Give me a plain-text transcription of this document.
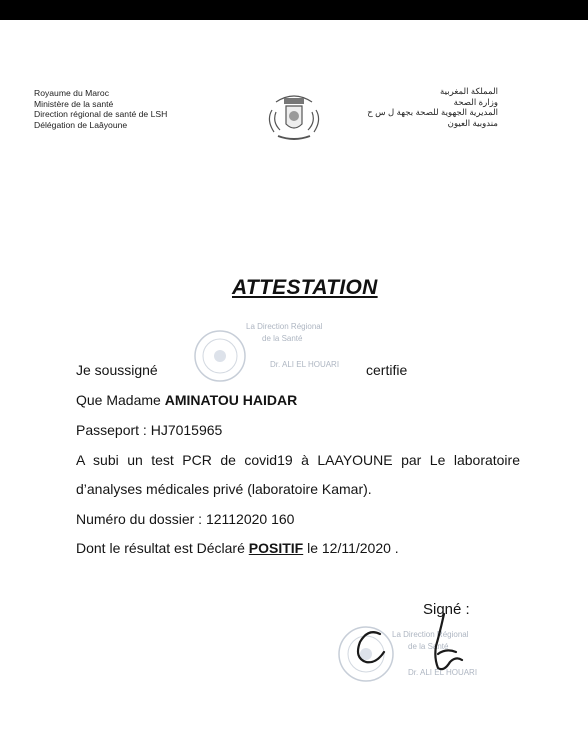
Royaume du Maroc
Ministère de la santé
Direction régional de santé de LSH
Délégation de Laâyoune
المملكة المغربية
وزارة الصحة
المديرية الجهوية للصحة بجهة ل س ح
مندوبية العيون
ATTESTATION
La Direction Régional
de la Santé
Dr. ALI EL HOUARI
Je soussigné	certifie
Que Madame AMINATOU HAIDAR
Passeport : HJ7015965
A subi un test PCR de covid19 à LAAYOUNE par Le laboratoire
d’analyses médicales privé (laboratoire Kamar).
Numéro du dossier : 12112020 160
Dont le résultat est Déclaré POSITIF le 12/11/2020 .
Signé :
La Direction Régional
de la Santé
Dr. ALI EL HOUARI
